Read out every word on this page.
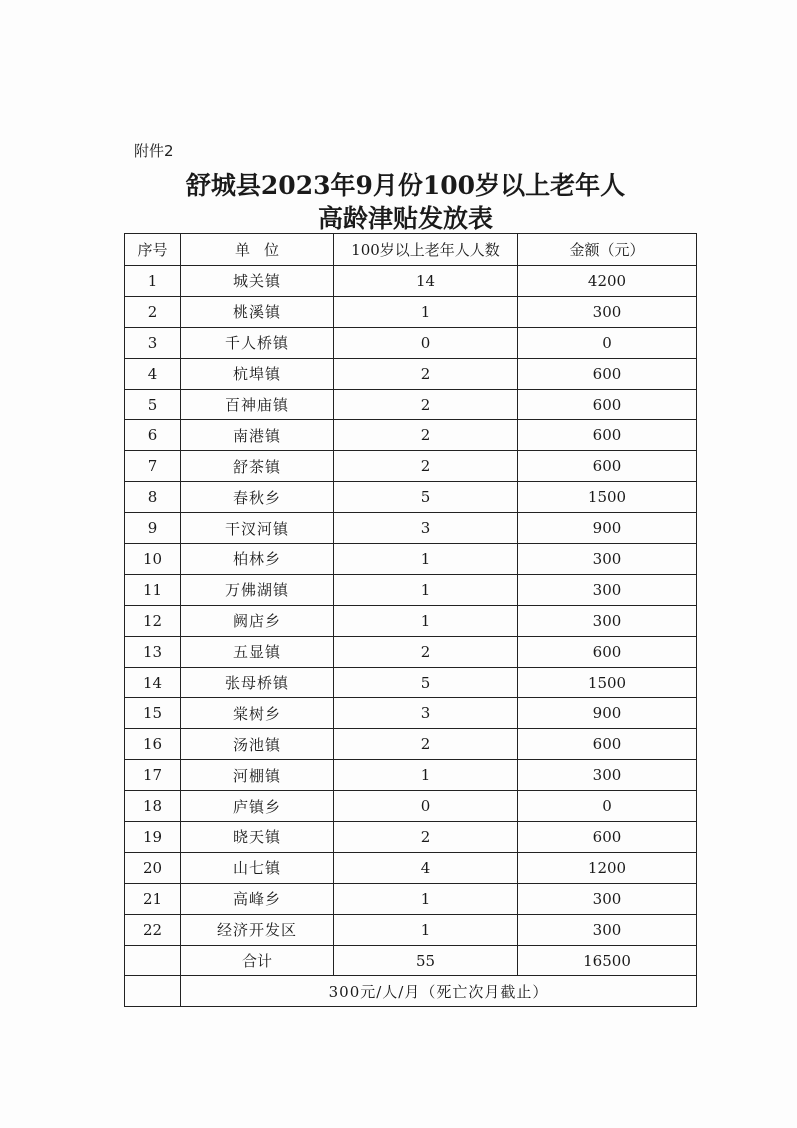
附件2
舒城县2023年9月份100岁以上老年人
高龄津贴发放表
序号	单位	100岁以上老年人人数	金额（元）
1	城关镇	14	4200
2	桃溪镇	1	300
3	千人桥镇	0	0
4	杭埠镇	2	600
5	百神庙镇	2	600
6	南港镇	2	600
7	舒茶镇	2	600
8	春秋乡	5	1500
9	干汊河镇	3	900
10	柏林乡	1	300
11	万佛湖镇	1	300
12	阙店乡	1	300
13	五显镇	2	600
14	张母桥镇	5	1500
15	棠树乡	3	900
16	汤池镇	2	600
17	河棚镇	1	300
18	庐镇乡	0	0
19	晓天镇	2	600
20	山七镇	4	1200
21	高峰乡	1	300
22	经济开发区	1	300
	合计	55	16500
	300元/人/月（死亡次月截止）		
